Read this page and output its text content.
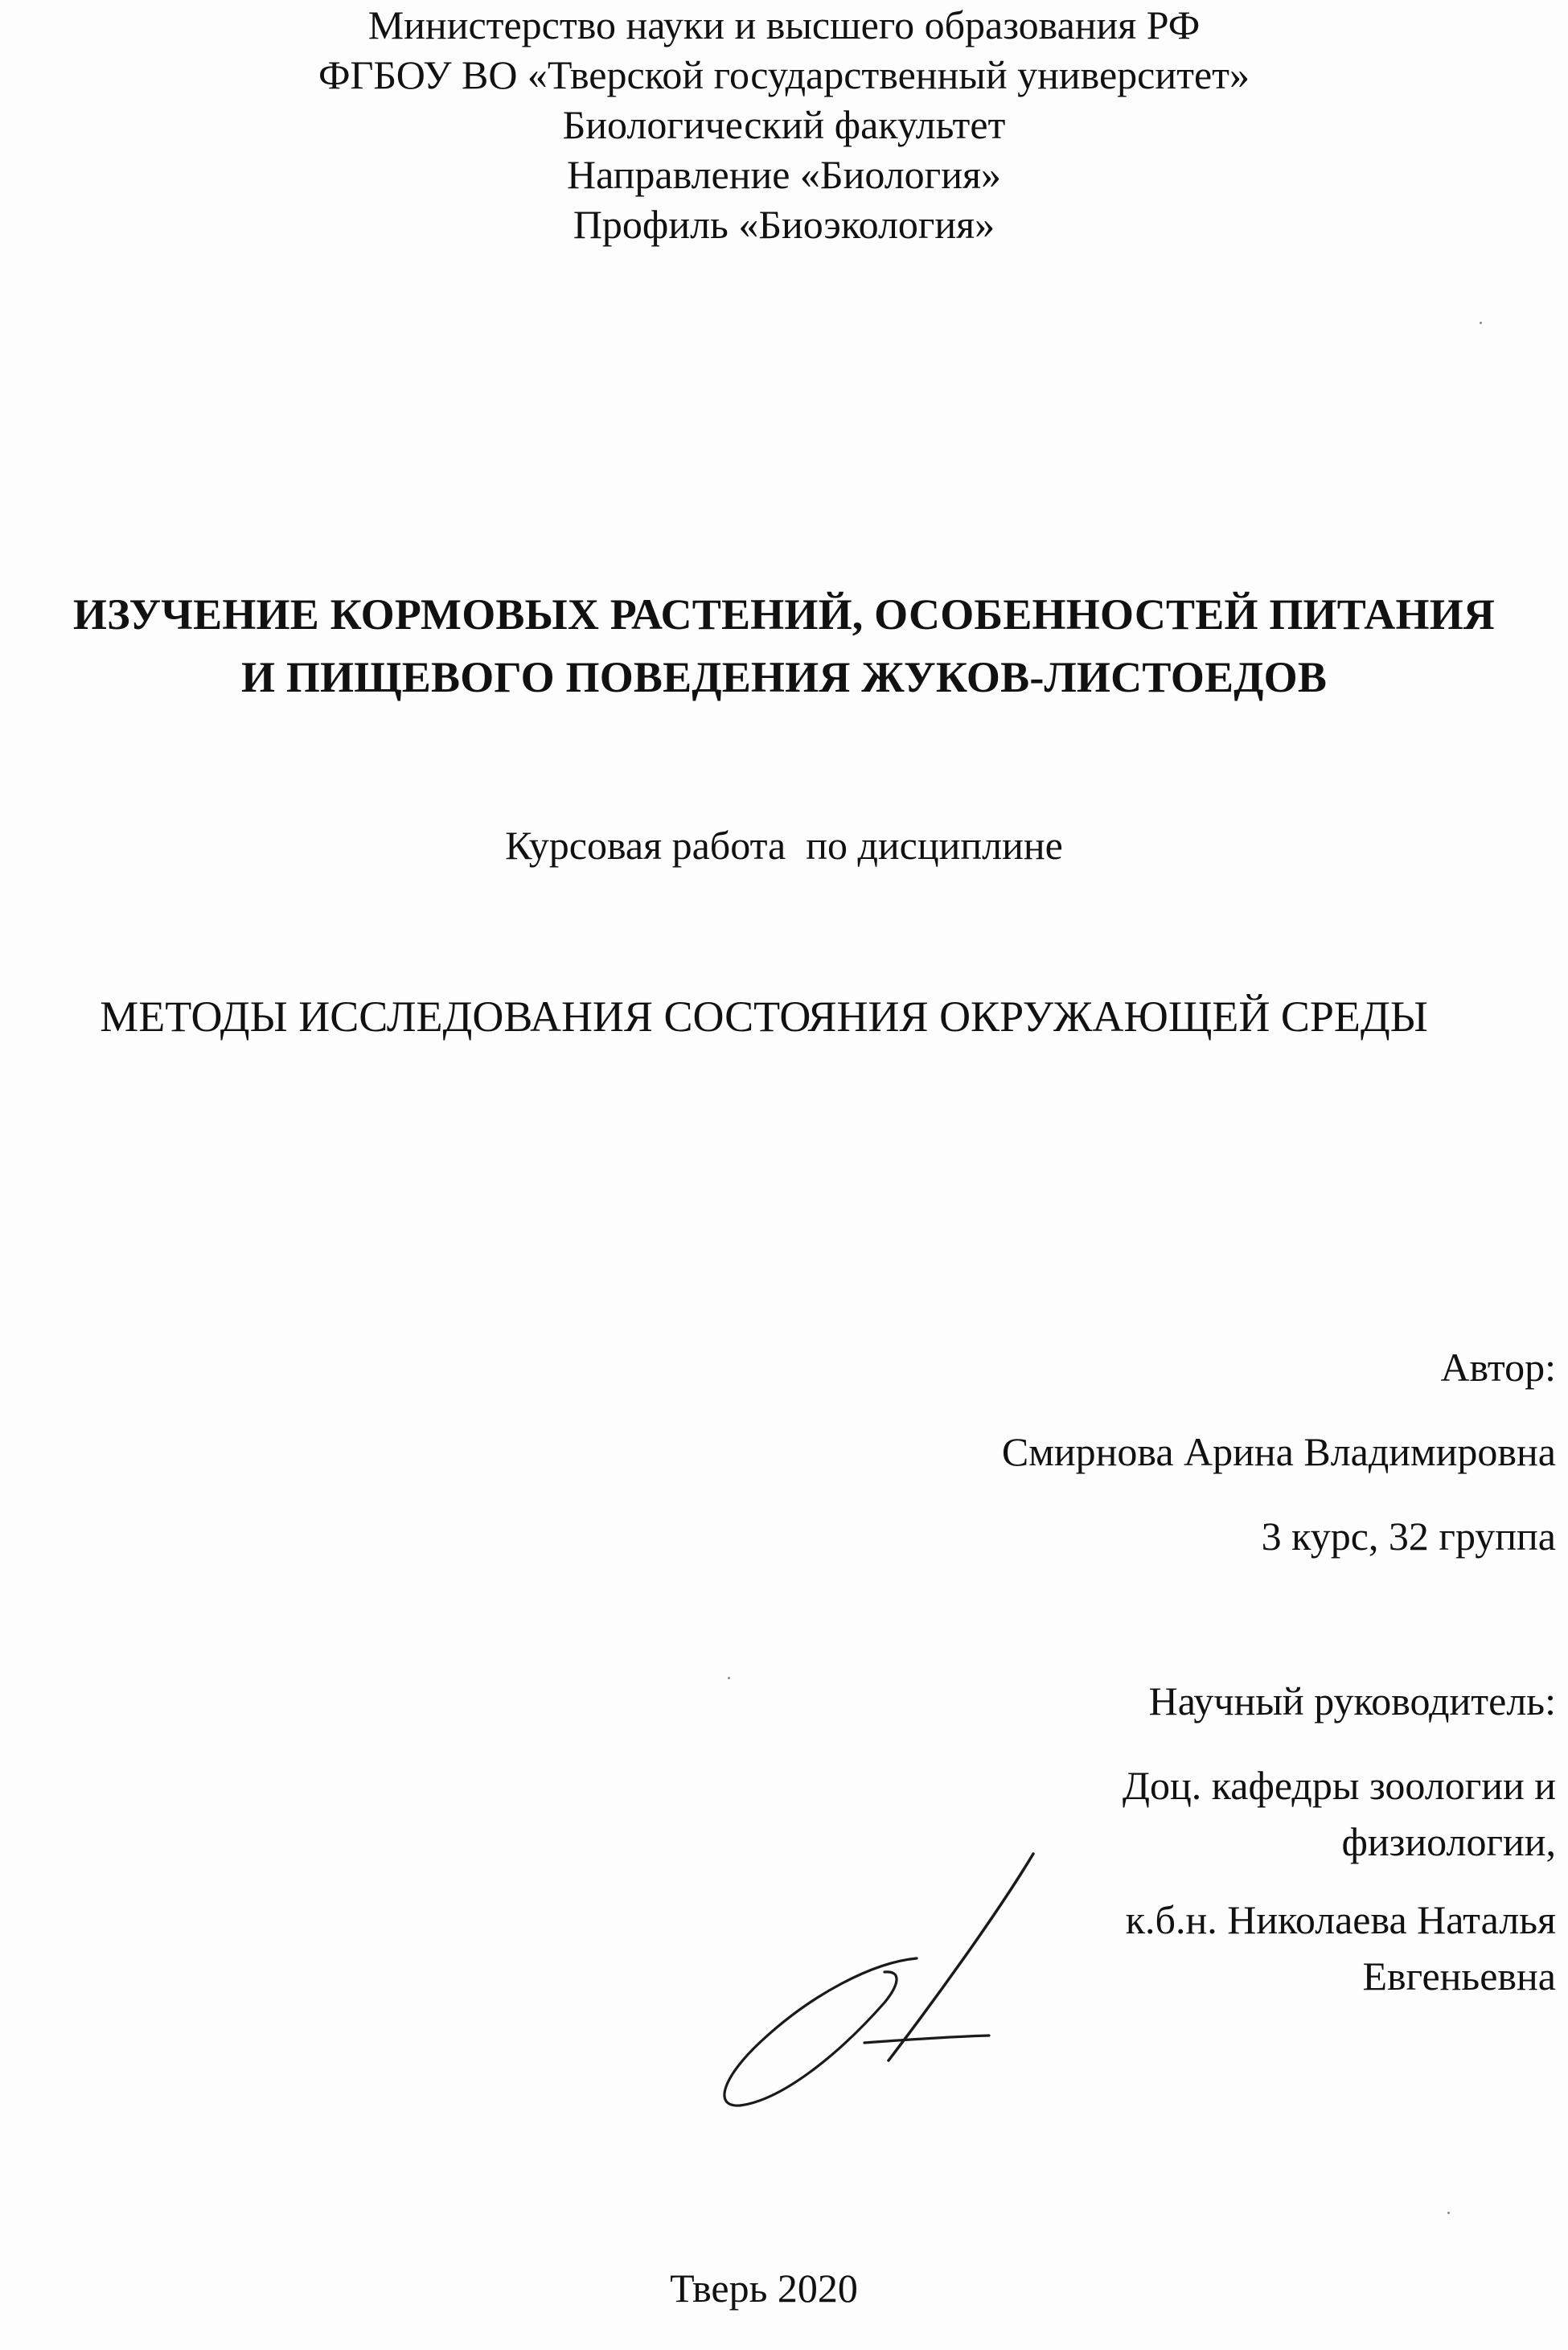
Министерство науки и высшего образования РФ
ФГБОУ ВО «Тверской государственный университет»
Биологический факультет
Направление «Биология»
Профиль «Биоэкология»
ИЗУЧЕНИЕ КОРМОВЫХ РАСТЕНИЙ, ОСОБЕННОСТЕЙ ПИТАНИЯ
И ПИЩЕВОГО ПОВЕДЕНИЯ ЖУКОВ-ЛИСТОЕДОВ
Курсовая работа  по дисциплине
МЕТОДЫ ИССЛЕДОВАНИЯ СОСТОЯНИЯ ОКРУЖАЮЩЕЙ СРЕДЫ
Автор:
Смирнова Арина Владимировна
3 курс, 32 группа
Научный руководитель:
Доц. кафедры зоологии и
физиологии,
к.б.н. Николаева Наталья
Евгеньевна
Тверь 2020
